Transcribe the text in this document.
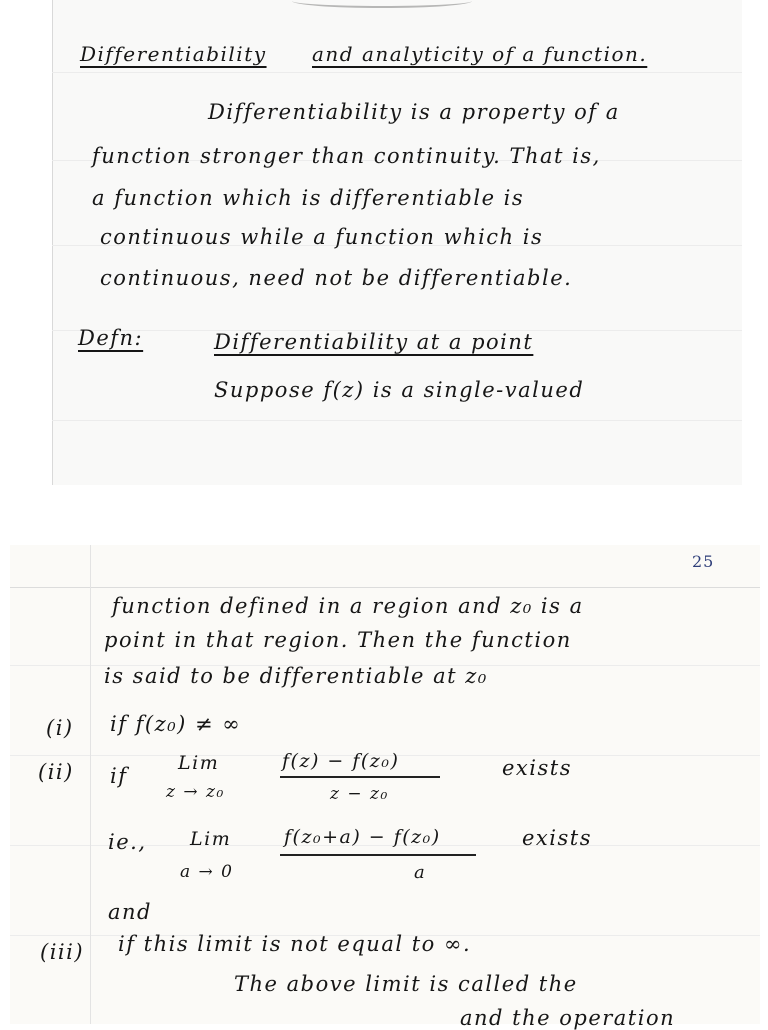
Differentiability and analyticity of a function.
Differentiability is a property of a
function stronger than continuity. That is,
a function which is differentiable is
continuous while a function which is
continuous, need not be differentiable.
Defn:	Differentiability at a point
Suppose f(z) is a single-valued
25
function defined in a region and z₀ is a
point in that region. Then the function
is said to be differentiable at z₀
(i) if f(z₀) ≠ ∞
(ii) if
Lim
z → z₀
f(z) − f(z₀)
z − z₀
exists
ie., Lim
a → 0
f(z₀+a) − f(z₀)
a
exists
and
(iii) if this limit is not equal to ∞.
The above limit is called the
and the operation
